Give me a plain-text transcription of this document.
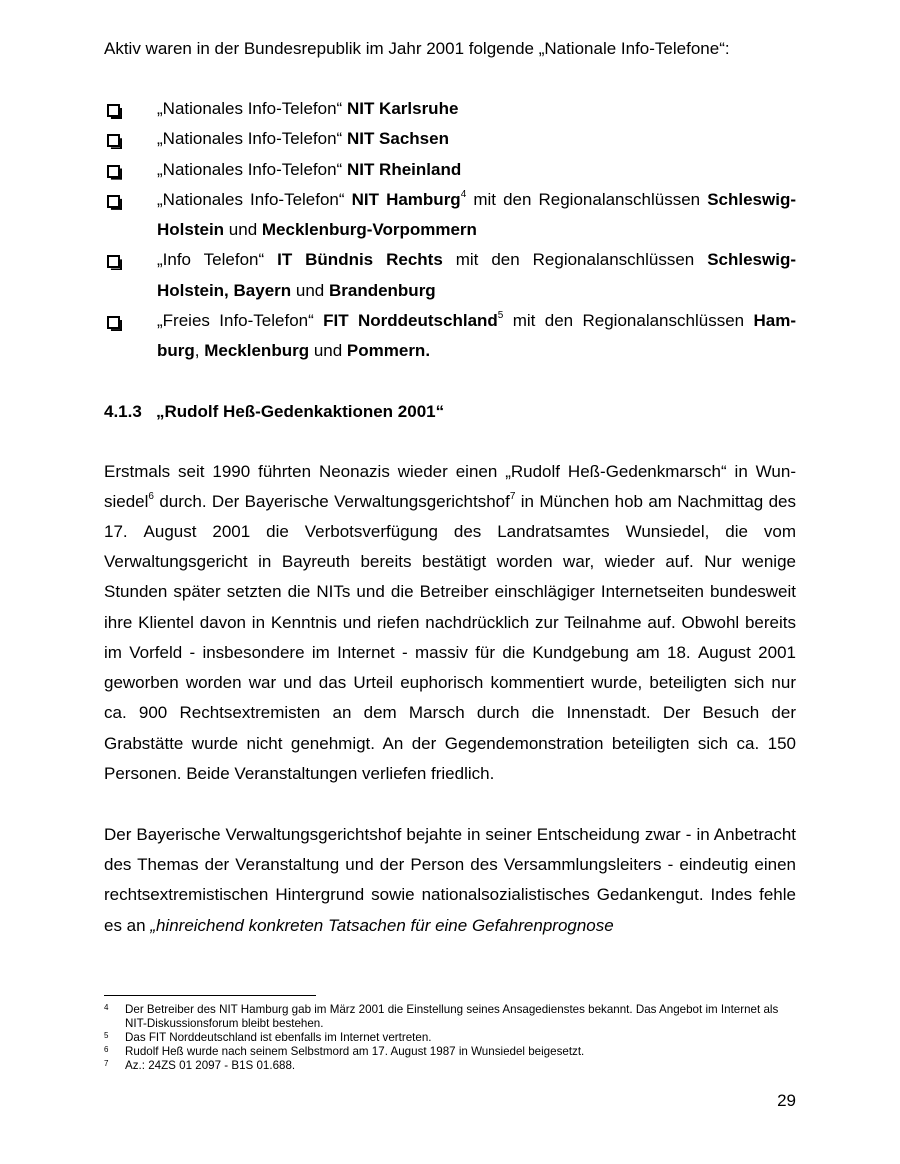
Aktiv waren in der Bundesrepublik im Jahr 2001 folgende „Nationale Info-Telefone“:

„Nationales Info-Telefon“ NIT Karlsruhe
„Nationales Info-Telefon“ NIT Sachsen
„Nationales Info-Telefon“ NIT Rheinland
„Nationales Info-Telefon“ NIT Hamburg$^4$ mit den Regionalanschlüssen Schleswig-Holstein und Mecklenburg-Vorpommern
„Info Telefon“ IT Bündnis Rechts mit den Regionalanschlüssen Schleswig-Holstein, Bayern und Brandenburg
„Freies Info-Telefon“ FIT Norddeutschland$^5$ mit den Regionalanschlüssen Hamburg, Mecklenburg und Pommern.
4.1.3 „Rudolf Heß-Gedenkaktionen 2001“

Erstmals seit 1990 führten Neonazis wieder einen „Rudolf Heß-Gedenkmarsch“ in Wunsiedel$^6$ durch. Der Bayerische Verwaltungsgerichtshof$^7$ in München hob am Nachmittag des 17. August 2001 die Verbotsverfügung des Landratsamtes Wunsiedel, die vom Verwaltungsgericht in Bayreuth bereits bestätigt worden war, wieder auf. Nur wenige Stunden später setzten die NITs und die Betreiber einschlägiger Internetseiten bundesweit ihre Klientel davon in Kenntnis und riefen nachdrücklich zur Teilnahme auf. Obwohl bereits im Vorfeld - insbesondere im Internet - massiv für die Kundgebung am 18. August 2001 geworben worden war und das Urteil euphorisch kommentiert wurde, beteiligten sich nur ca. 900 Rechtsextremisten an dem Marsch durch die Innenstadt. Der Besuch der Grabstätte wurde nicht genehmigt. An der Gegendemonstration beteiligten sich ca. 150 Personen. Beide Veranstaltungen verliefen friedlich.

Der Bayerische Verwaltungsgerichtshof bejahte in seiner Entscheidung zwar - in Anbetracht des Themas der Veranstaltung und der Person des Versammlungsleiters - eindeutig einen rechtsextremistischen Hintergrund sowie nationalsozialistisches Gedankengut. Indes fehle es an „hinreichend konkreten Tatsachen für eine Gefahrenprognose

4 Der Betreiber des NIT Hamburg gab im März 2001 die Einstellung seines Ansagedienstes bekannt. Das Angebot im Internet als NIT-Diskussionsforum bleibt bestehen.
5 Das FIT Norddeutschland ist ebenfalls im Internet vertreten.
6 Rudolf Heß wurde nach seinem Selbstmord am 17. August 1987 in Wunsiedel beigesetzt.
7 Az.: 24ZS 01 2097 - B1S 01.688.
29
